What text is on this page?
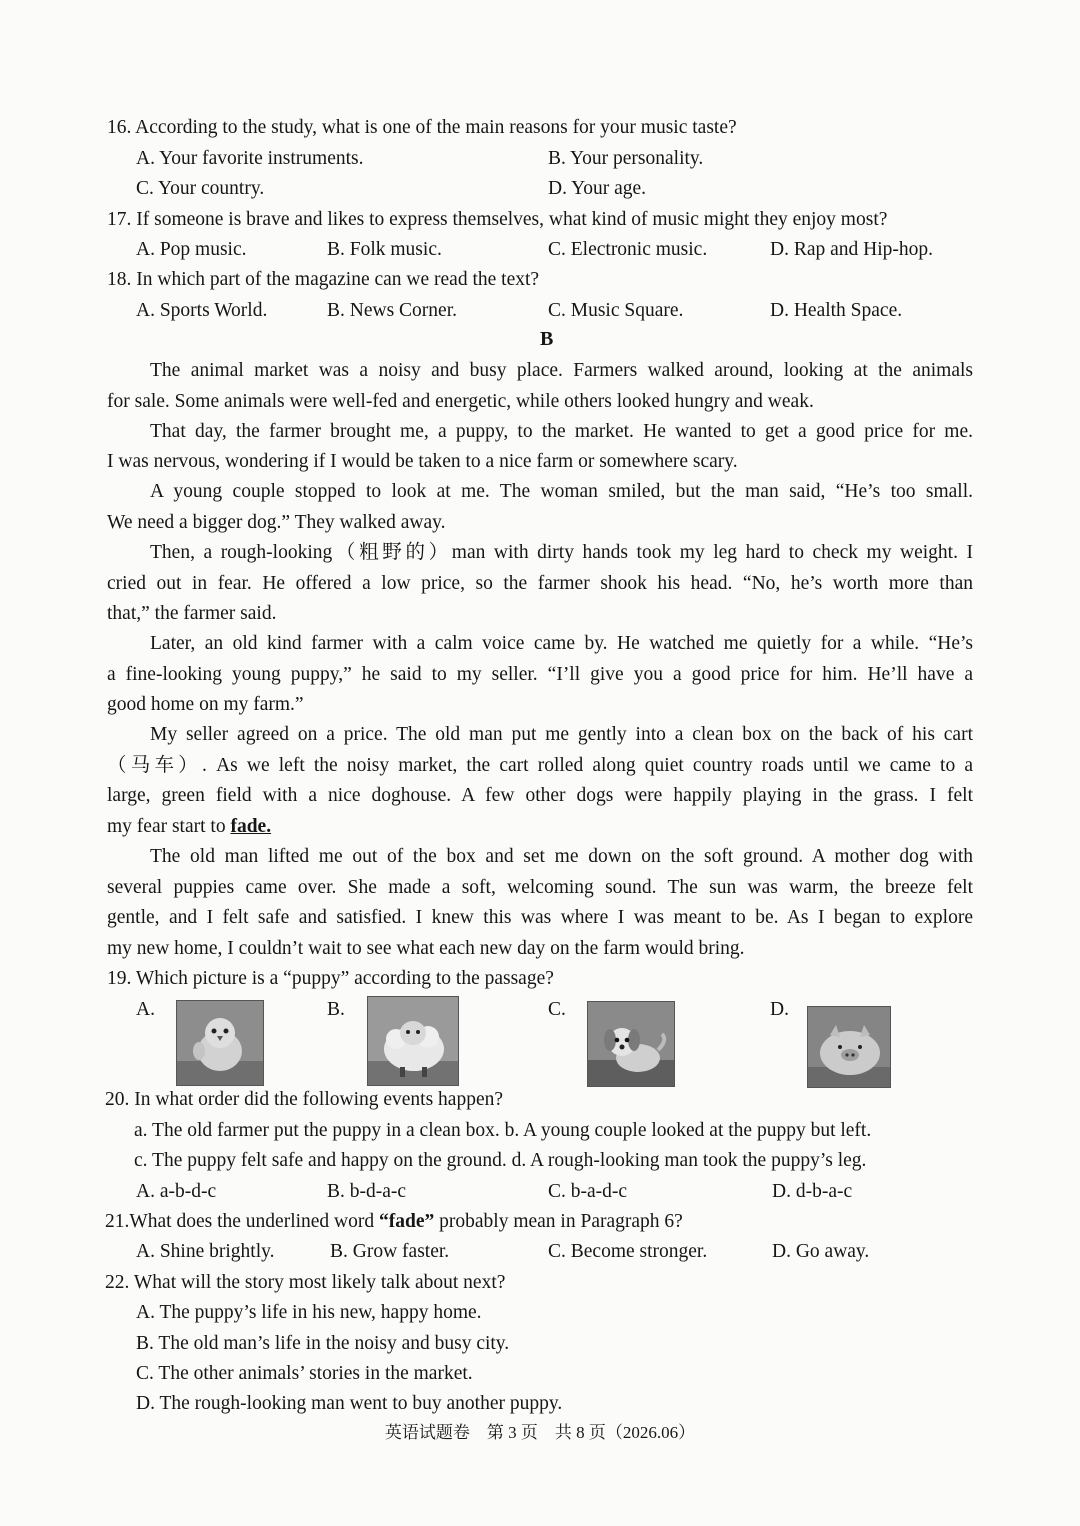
16. According to the study, what is one of the main reasons for your music taste?
A. Your favorite instruments.	B. Your personality.
C. Your country.	D. Your age.
17. If someone is brave and likes to express themselves, what kind of music might they enjoy most?
A. Pop music.	B. Folk music.	C. Electronic music.	D. Rap and Hip-hop.
18. In which part of the magazine can we read the text?
A. Sports World.	B. News Corner.	C. Music Square.	D. Health Space.
B
The animal market was a noisy and busy place. Farmers walked around, looking at the animals
for sale. Some animals were well-fed and energetic, while others looked hungry and weak.
That day, the farmer brought me, a puppy, to the market. He wanted to get a good price for me.
I was nervous, wondering if I would be taken to a nice farm or somewhere scary.
A young couple stopped to look at me. The woman smiled, but the man said, “He’s too small.
We need a bigger dog.” They walked away.
Then, a rough-looking（粗野的）man with dirty hands took my leg hard to check my weight. I
cried out in fear. He offered a low price, so the farmer shook his head. “No, he’s worth more than
that,” the farmer said.
Later, an old kind farmer with a calm voice came by. He watched me quietly for a while. “He’s
a fine-looking young puppy,” he said to my seller. “I’ll give you a good price for him. He’ll have a
good home on my farm.”
My seller agreed on a price. The old man put me gently into a clean box on the back of his cart
（马车）. As we left the noisy market, the cart rolled along quiet country roads until we came to a
large, green field with a nice doghouse. A few other dogs were happily playing in the grass. I felt
my fear start to fade.
The old man lifted me out of the box and set me down on the soft ground. A mother dog with
several puppies came over. She made a soft, welcoming sound. The sun was warm, the breeze felt
gentle, and I felt safe and satisfied. I knew this was where I was meant to be. As I began to explore
my new home, I couldn’t wait to see what each new day on the farm would bring.
19. Which picture is a “puppy” according to the passage?
A.	B.	C.	D.
20. In what order did the following events happen?
a. The old farmer put the puppy in a clean box. b. A young couple looked at the puppy but left.
c. The puppy felt safe and happy on the ground. d. A rough-looking man took the puppy’s leg.
A. a-b-d-c	B. b-d-a-c	C. b-a-d-c	D. d-b-a-c
21.What does the underlined word “fade” probably mean in Paragraph 6?
A. Shine brightly.	B. Grow faster.	C. Become stronger.	D. Go away.
22. What will the story most likely talk about next?
A. The puppy’s life in his new, happy home.
B. The old man’s life in the noisy and busy city.
C. The other animals’ stories in the market.
D. The rough-looking man went to buy another puppy.
英语试题卷　第 3 页　共 8 页（2026.06）
